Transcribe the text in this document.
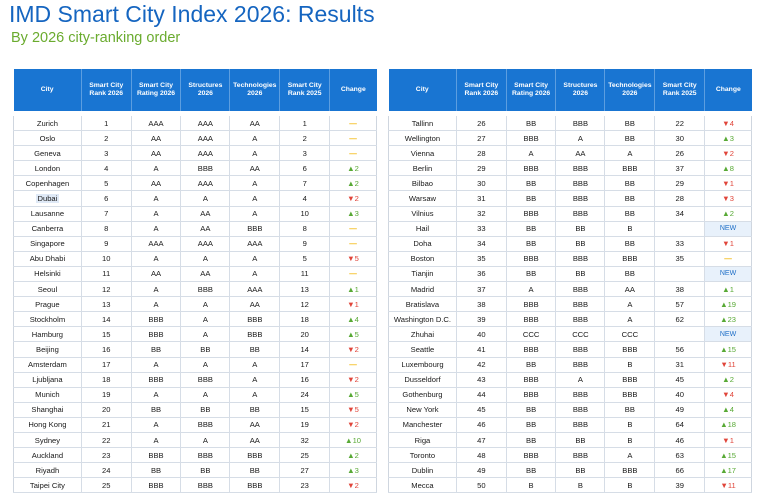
IMD Smart City Index 2026: Results

By 2026 city-ranking order

City	Smart City Rank 2026	Smart City Rating 2026	Structures 2026	Technologies 2026	Smart City Rank 2025	Change

Zurich	1	AAA	AAA	AA	1	—
Oslo	2	AA	AAA	A	2	—
Geneva	3	AA	AAA	A	3	—
London	4	A	BBB	AA	6	▲2
Copenhagen	5	AA	AAA	A	7	▲2
Dubai	6	A	A	A	4	▼2
Lausanne	7	A	AA	A	10	▲3
Canberra	8	A	AA	BBB	8	—
Singapore	9	AAA	AAA	AAA	9	—
Abu Dhabi	10	A	A	A	5	▼5
Helsinki	11	AA	AA	A	11	—
Seoul	12	A	BBB	AAA	13	▲1
Prague	13	A	A	AA	12	▼1
Stockholm	14	BBB	A	BBB	18	▲4
Hamburg	15	BBB	A	BBB	20	▲5
Beijing	16	BB	BB	BB	14	▼2
Amsterdam	17	A	A	A	17	—
Ljubljana	18	BBB	BBB	A	16	▼2
Munich	19	A	A	A	24	▲5
Shanghai	20	BB	BB	BB	15	▼5
Hong Kong	21	A	BBB	AA	19	▼2
Sydney	22	A	A	AA	32	▲10
Auckland	23	BBB	BBB	BBB	25	▲2
Riyadh	24	BB	BB	BB	27	▲3
Taipei City	25	BBB	BBB	BBB	23	▼2
City	Smart City Rank 2026	Smart City Rating 2026	Structures 2026	Technologies 2026	Smart City Rank 2025	Change

Tallinn	26	BB	BBB	BB	22	▼4
Wellington	27	BBB	A	BB	30	▲3
Vienna	28	A	AA	A	26	▼2
Berlin	29	BBB	BBB	BBB	37	▲8
Bilbao	30	BB	BBB	BB	29	▼1
Warsaw	31	BB	BBB	BB	28	▼3
Vilnius	32	BBB	BBB	BB	34	▲2
Hail	33	BB	BB	B		NEW
Doha	34	BB	BB	BB	33	▼1
Boston	35	BBB	BBB	BBB	35	—
Tianjin	36	BB	BB	BB		NEW
Madrid	37	A	BBB	AA	38	▲1
Bratislava	38	BBB	BBB	A	57	▲19
Washington D.C.	39	BBB	BBB	A	62	▲23
Zhuhai	40	CCC	CCC	CCC		NEW
Seattle	41	BBB	BBB	BBB	56	▲15
Luxembourg	42	BB	BBB	B	31	▼11
Dusseldorf	43	BBB	A	BBB	45	▲2
Gothenburg	44	BBB	BBB	BBB	40	▼4
New York	45	BB	BBB	BB	49	▲4
Manchester	46	BB	BBB	B	64	▲18
Riga	47	BB	BB	B	46	▼1
Toronto	48	BBB	BBB	A	63	▲15
Dublin	49	BB	BB	BBB	66	▲17
Mecca	50	B	B	B	39	▼11
